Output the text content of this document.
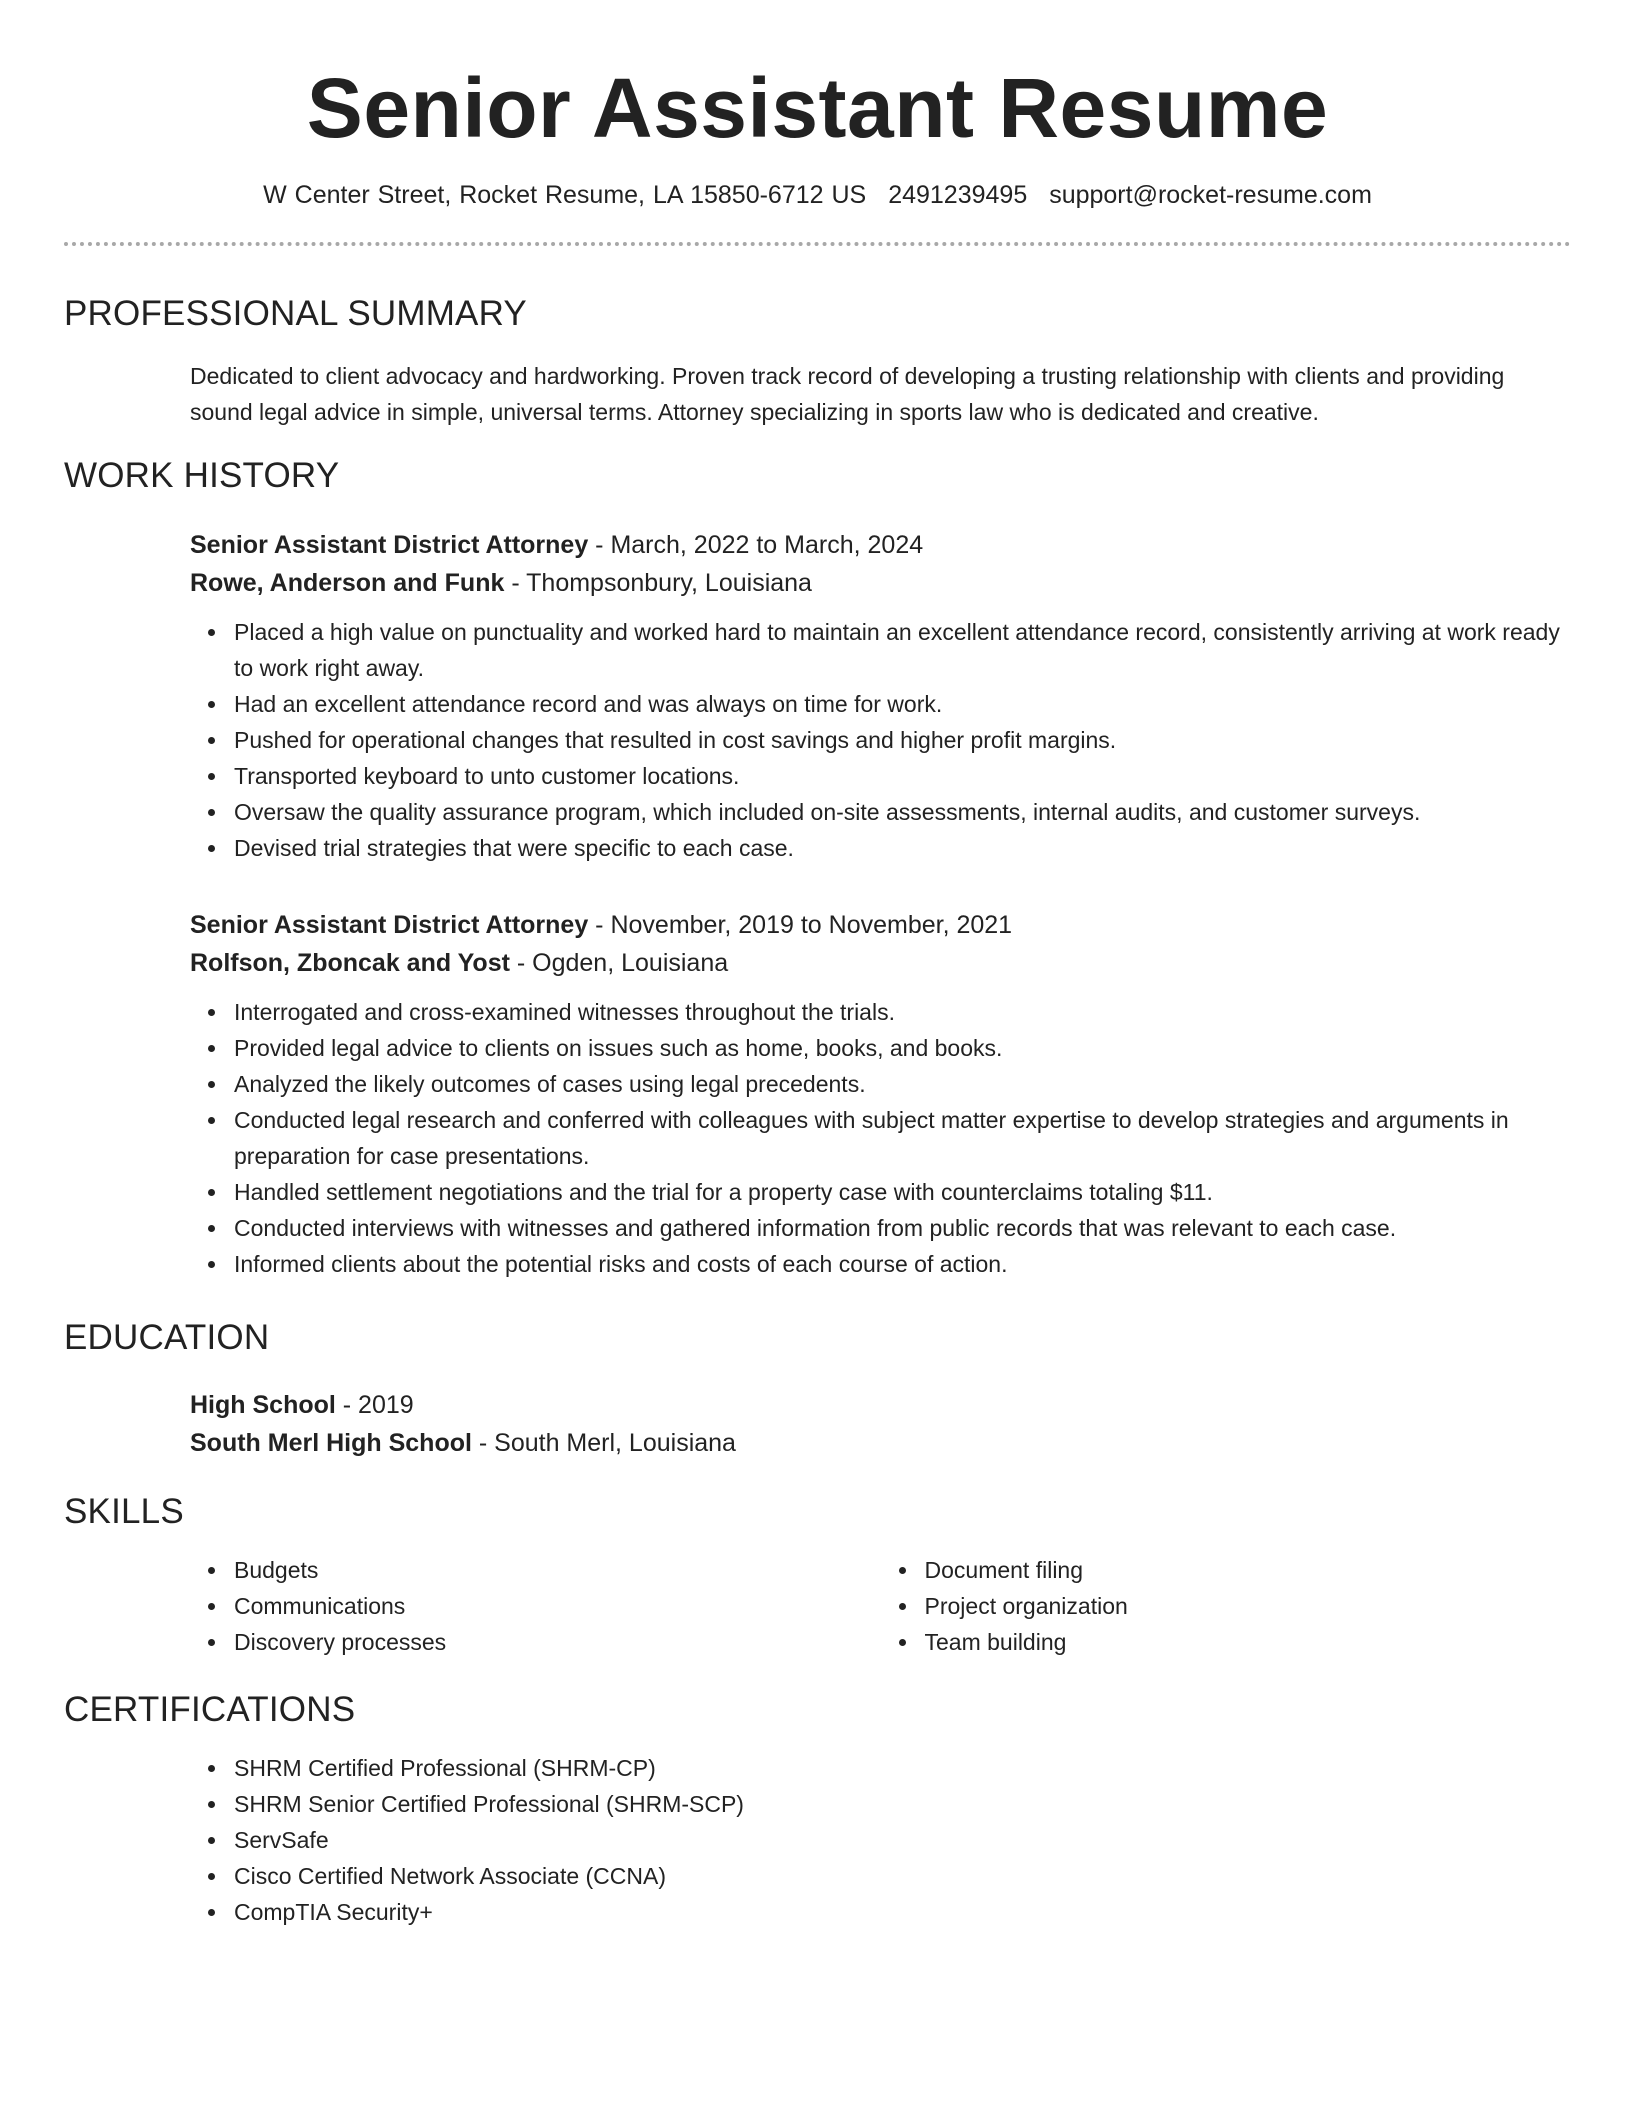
Senior Assistant Resume
W Center Street, Rocket Resume, LA 15850-6712 US 2491239495 support@rocket-resume.com
PROFESSIONAL SUMMARY
Dedicated to client advocacy and hardworking. Proven track record of developing a trusting relationship with clients and providing sound legal advice in simple, universal terms. Attorney specializing in sports law who is dedicated and creative.
WORK HISTORY
Senior Assistant District Attorney - March, 2022 to March, 2024
Rowe, Anderson and Funk - Thompsonbury, Louisiana
Placed a high value on punctuality and worked hard to maintain an excellent attendance record, consistently arriving at work ready to work right away.
Had an excellent attendance record and was always on time for work.
Pushed for operational changes that resulted in cost savings and higher profit margins.
Transported keyboard to unto customer locations.
Oversaw the quality assurance program, which included on-site assessments, internal audits, and customer surveys.
Devised trial strategies that were specific to each case.
Senior Assistant District Attorney - November, 2019 to November, 2021
Rolfson, Zboncak and Yost - Ogden, Louisiana
Interrogated and cross-examined witnesses throughout the trials.
Provided legal advice to clients on issues such as home, books, and books.
Analyzed the likely outcomes of cases using legal precedents.
Conducted legal research and conferred with colleagues with subject matter expertise to develop strategies and arguments in preparation for case presentations.
Handled settlement negotiations and the trial for a property case with counterclaims totaling $11.
Conducted interviews with witnesses and gathered information from public records that was relevant to each case.
Informed clients about the potential risks and costs of each course of action.
EDUCATION
High School - 2019
South Merl High School - South Merl, Louisiana
SKILLS
Budgets
Communications
Discovery processes
Document filing
Project organization
Team building
CERTIFICATIONS
SHRM Certified Professional (SHRM-CP)
SHRM Senior Certified Professional (SHRM-SCP)
ServSafe
Cisco Certified Network Associate (CCNA)
CompTIA Security+
